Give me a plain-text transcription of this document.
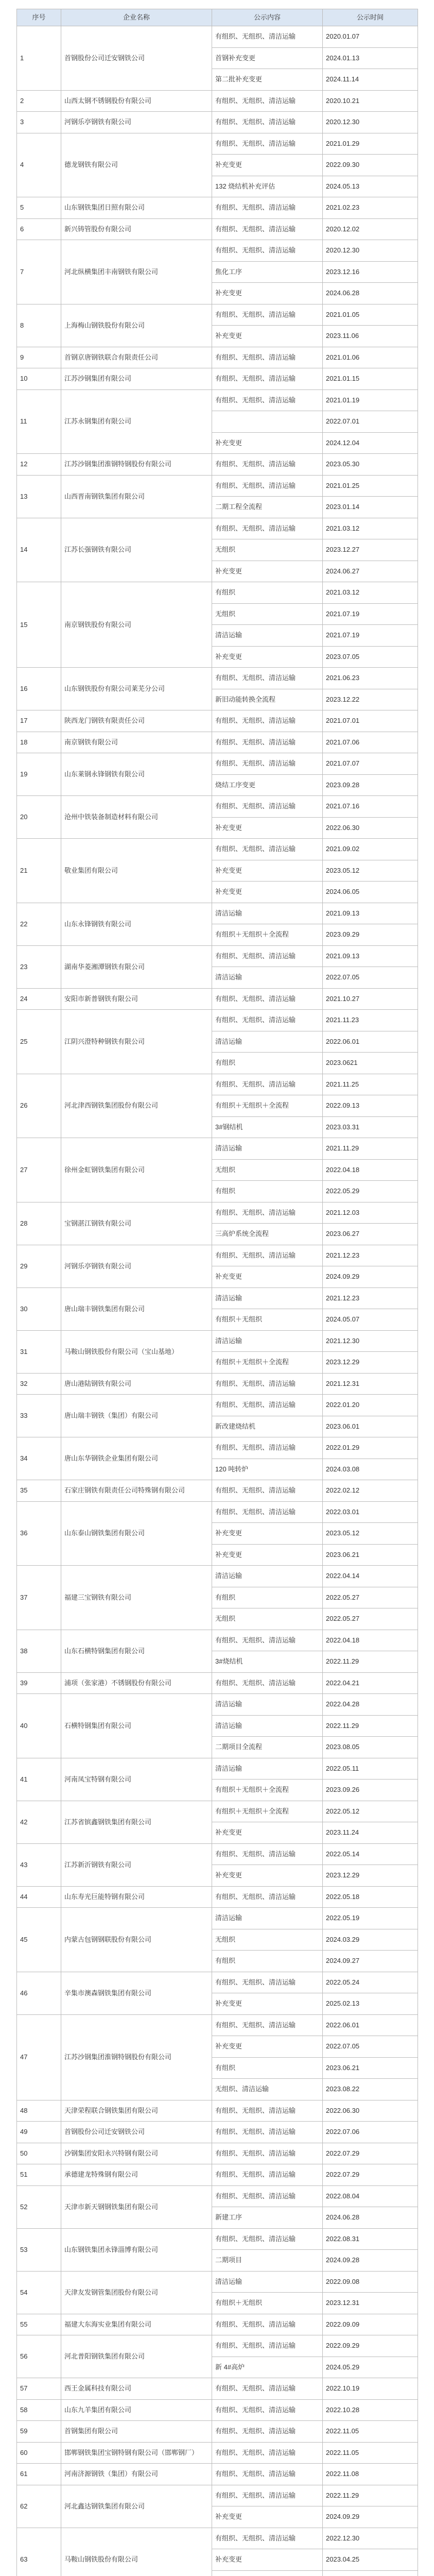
序号	企业名称	公示内容	公示时间
1	首钢股份公司迁安钢铁公司	有组织、无组织、清洁运输	2020.01.07
		首钢补充变更	2024.01.13
		第二批补充变更	2024.11.14
2	山西太钢不锈钢股份有限公司	有组织、无组织、清洁运输	2020.10.21
3	河钢乐亭钢铁有限公司	有组织、无组织、清洁运输	2020.12.30
4	德龙钢铁有限公司	有组织、无组织、清洁运输	2021.01.29
		补充变更	2022.09.30
		132 烧结机补充评估	2024.05.13
5	山东钢铁集团日照有限公司	有组织、无组织、清洁运输	2021.02.23
6	新兴铸管股份有限公司	有组织、无组织、清洁运输	2020.12.02
7	河北纵横集团丰南钢铁有限公司	有组织、无组织、清洁运输	2020.12.30
		焦化工序	2023.12.16
		补充变更	2024.06.28
8	上海梅山钢铁股份有限公司	有组织、无组织、清洁运输	2021.01.05
		补充变更	2023.11.06
9	首钢京唐钢铁联合有限责任公司	有组织、无组织、清洁运输	2021.01.06
10	江苏沙钢集团有限公司	有组织、无组织、清洁运输	2021.01.15
11	江苏永钢集团有限公司	有组织、无组织、清洁运输	2021.01.19
			2022.07.01
		补充变更	2024.12.04
12	江苏沙钢集团淮钢特钢股份有限公司	有组织、无组织、清洁运输	2023.05.30
13	山西晋南钢铁集团有限公司	有组织、无组织、清洁运输	2021.01.25
		二期工程全流程	2023.01.14
14	江苏长强钢铁有限公司	有组织、无组织、清洁运输	2021.03.12
		无组织	2023.12.27
		补充变更	2024.06.27
15	南京钢铁股份有限公司	有组织	2021.03.12
		无组织	2021.07.19
		清洁运输	2021.07.19
		补充变更	2023.07.05
16	山东钢铁股份有限公司莱芜分公司	有组织、无组织、清洁运输	2021.06.23
		新旧动能转换全流程	2023.12.22
17	陕西龙门钢铁有限责任公司	有组织、无组织、清洁运输	2021.07.01
18	南京钢铁有限公司	有组织、无组织、清洁运输	2021.07.06
19	山东莱钢永锋钢铁有限公司	有组织、无组织、清洁运输	2021.07.07
		烧结工序变更	2023.09.28
20	沧州中铁装备制造材料有限公司	有组织、无组织、清洁运输	2021.07.16
		补充变更	2022.06.30
21	敬业集团有限公司	有组织、无组织、清洁运输	2021.09.02
		补充变更	2023.05.12
		补充变更	2024.06.05
22	山东永锋钢铁有限公司	清洁运输	2021.09.13
		有组织＋无组织＋全流程	2023.09.29
23	湖南华菱湘潭钢铁有限公司	有组织、无组织、清洁运输	2021.09.13
		清洁运输	2022.07.05
24	安阳市新普钢铁有限公司	有组织、无组织、清洁运输	2021.10.27
25	江阴兴澄特种钢铁有限公司	有组织、无组织、清洁运输	2021.11.23
		清洁运输	2022.06.01
		有组织	2023.0621
26	河北津西钢铁集团股份有限公司	有组织、无组织、清洁运输	2021.11.25
		有组织＋无组织＋全流程	2022.09.13
		3#钢结机	2023.03.31
27	徐州金虹钢铁集团有限公司	清洁运输	2021.11.29
		无组织	2022.04.18
		有组织	2022.05.29
28	宝钢湛江钢铁有限公司	有组织、无组织、清洁运输	2021.12.03
		三高炉系统全流程	2023.06.27
29	河钢乐亭钢铁有限公司	有组织、无组织、清洁运输	2021.12.23
		补充变更	2024.09.29
30	唐山瑞丰钢铁集团有限公司	清洁运输	2021.12.23
		有组织＋无组织	2024.05.07
31	马鞍山钢铁股份有限公司（宝山基地）	清洁运输	2021.12.30
		有组织＋无组织＋全流程	2023.12.29
32	唐山港陆钢铁有限公司	有组织、无组织、清洁运输	2021.12.31
33	唐山瑞丰钢铁（集团）有限公司	有组织、无组织、清洁运输	2022.01.20
		新改建烧结机	2023.06.01
34	唐山东华钢铁企业集团有限公司	有组织、无组织、清洁运输	2022.01.29
		120 吨转炉	2024.03.08
35	石家庄钢铁有限责任公司特殊钢有限公司	有组织、无组织、清洁运输	2022.02.12
36	山东泰山钢铁集团有限公司	有组织、无组织、清洁运输	2022.03.01
		补充变更	2023.05.12
		补充变更	2023.06.21
37	福建三宝钢铁有限公司	清洁运输	2022.04.14
		有组织	2022.05.27
		无组织	2022.05.27
38	山东石横特钢集团有限公司	有组织、无组织、清洁运输	2022.04.18
		3#烧结机	2022.11.29
39	浦项（张家港）不锈钢股份有限公司	有组织、无组织、清洁运输	2022.04.21
40	石横特钢集团有限公司	清洁运输	2022.04.28
		清洁运输	2022.11.29
		二期项目全流程	2023.08.05
41	河南凤宝特钢有限公司	清洁运输	2022.05.11
		有组织＋无组织＋全流程	2023.09.26
42	江苏省镔鑫钢铁集团有限公司	有组织＋无组织＋全流程	2022.05.12
		补充变更	2023.11.24
43	江苏新沂钢铁有限公司	有组织、无组织、清洁运输	2022.05.14
		补充变更	2023.12.29
44	山东寿光巨能特钢有限公司	有组织、无组织、清洁运输	2022.05.18
45	内蒙古包钢钢联股份有限公司	清洁运输	2022.05.19
		无组织	2024.03.29
		有组织	2024.09.27
46	辛集市澳森钢铁集团有限公司	有组织、无组织、清洁运输	2022.05.24
		补充变更	2025.02.13
47	江苏沙钢集团淮钢特钢股份有限公司	有组织、无组织、清洁运输	2022.06.01
		补充变更	2022.07.05
		有组织	2023.06.21
		无组织、清洁运输	2023.08.22
48	天津荣程联合钢铁集团有限公司	有组织、无组织、清洁运输	2022.06.30
49	首钢股份公司迁安钢铁公司	有组织、无组织、清洁运输	2022.07.06
50	沙钢集团安阳永兴特钢有限公司	有组织、无组织、清洁运输	2022.07.29
51	承德建龙特殊钢有限公司	有组织、无组织、清洁运输	2022.07.29
52	天津市新天钢钢铁集团有限公司	有组织、无组织、清洁运输	2022.08.04
		新建工序	2024.06.28
53	山东钢铁集团永锋淄博有限公司	有组织、无组织、清洁运输	2022.08.31
		二期项目	2024.09.28
54	天津友发钢管集团股份有限公司	清洁运输	2022.09.08
		有组织＋无组织	2023.12.31
55	福建大东海实业集团有限公司	有组织、无组织、清洁运输	2022.09.09
56	河北普阳钢铁集团有限公司	有组织、无组织、清洁运输	2022.09.29
		新 4#高炉	2024.05.29
57	西王金属科技有限公司	有组织、无组织、清洁运输	2022.10.19
58	山东九羊集团有限公司	有组织、无组织、清洁运输	2022.10.28
59	首钢集团有限公司	有组织、无组织、清洁运输	2022.11.05
60	邯郸钢铁集团宝钢特钢有限公司（邯郸钢厂）	有组织、无组织、清洁运输	2022.11.05
61	河南济源钢铁（集团）有限公司	有组织、无组织、清洁运输	2022.11.08
62	河北鑫达钢铁集团有限公司	有组织、无组织、清洁运输	2022.11.29
		补充变更	2024.09.29
63	马鞍山钢铁股份有限公司	有组织、无组织、清洁运输	2022.12.30
		补充变更	2023.04.25
